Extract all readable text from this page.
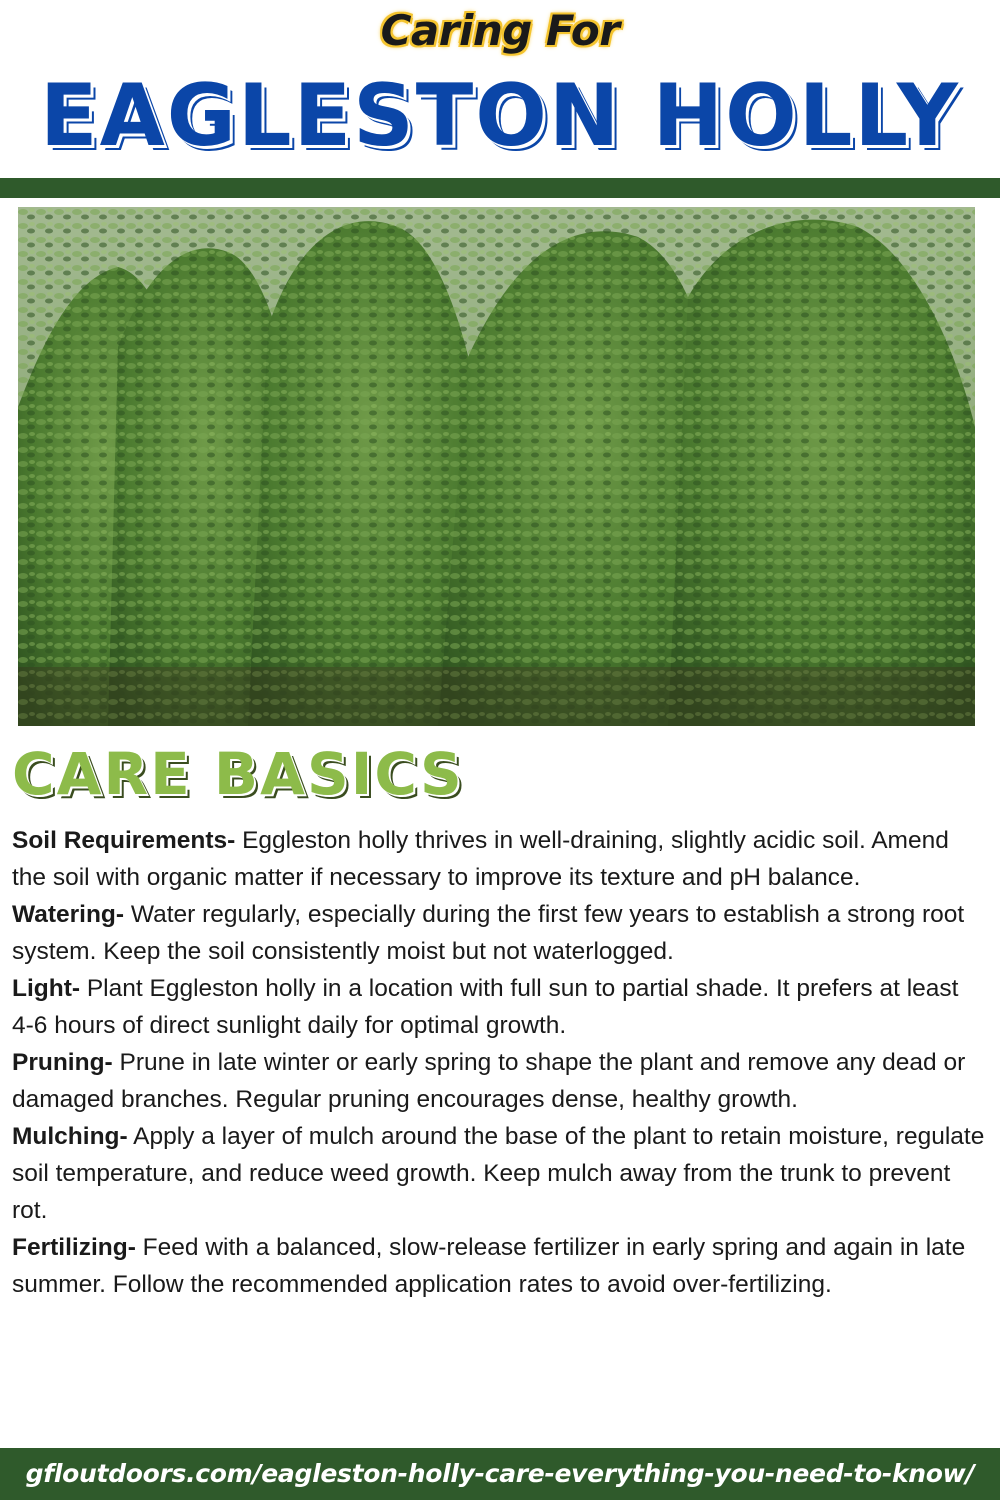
Caring For
EAGLESTON HOLLY
CARE BASICS

Soil Requirements- Eggleston holly thrives in well-draining, slightly acidic soil. Amend the soil with organic matter if necessary to improve its texture and pH balance.

Watering- Water regularly, especially during the first few years to establish a strong root system. Keep the soil consistently moist but not waterlogged.

Light- Plant Eggleston holly in a location with full sun to partial shade. It prefers at least 4-6 hours of direct sunlight daily for optimal growth.

Pruning- Prune in late winter or early spring to shape the plant and remove any dead or damaged branches. Regular pruning encourages dense, healthy growth.

Mulching- Apply a layer of mulch around the base of the plant to retain moisture, regulate soil temperature, and reduce weed growth. Keep mulch away from the trunk to prevent rot.

Fertilizing- Feed with a balanced, slow-release fertilizer in early spring and again in late summer. Follow the recommended application rates to avoid over-fertilizing.

gfloutdoors.com/eagleston-holly-care-everything-you-need-to-know/
